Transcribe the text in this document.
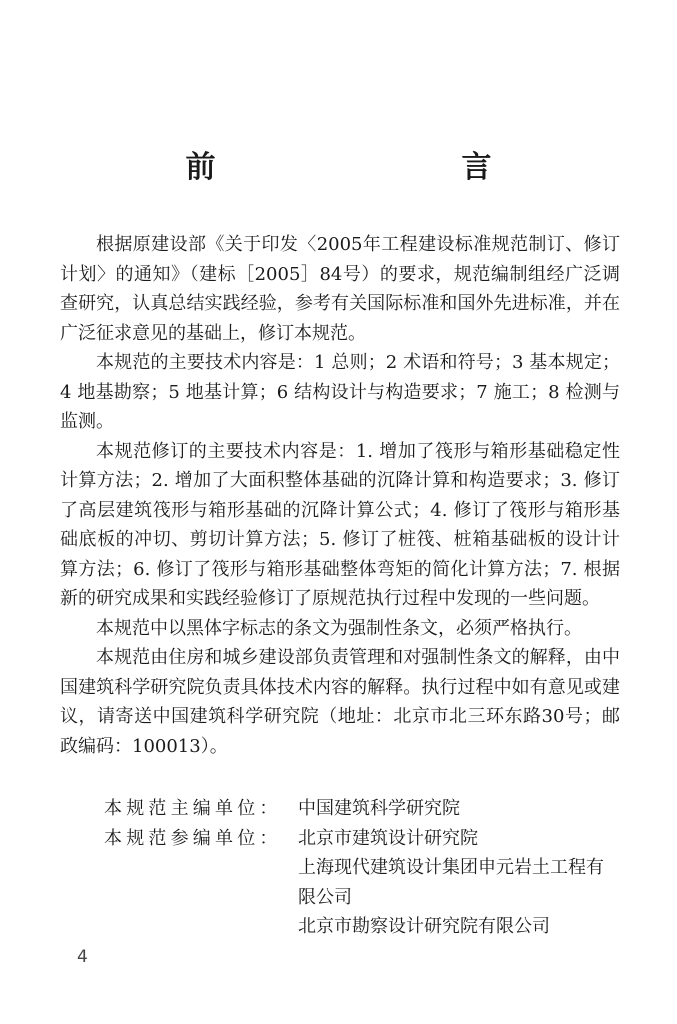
前　　言

根据原建设部《关于印发〈2005年工程建设标准规范制订、修订计划〉的通知》（建标［2005］84号）的要求，规范编制组经广泛调查研究，认真总结实践经验，参考有关国际标准和国外先进标准，并在广泛征求意见的基础上，修订本规范。

本规范的主要技术内容是：1 总则；2 术语和符号；3 基本规定；4 地基勘察；5 地基计算；6 结构设计与构造要求；7 施工；8 检测与监测。

本规范修订的主要技术内容是：1. 增加了筏形与箱形基础稳定性计算方法；2. 增加了大面积整体基础的沉降计算和构造要求；3. 修订了高层建筑筏形与箱形基础的沉降计算公式；4. 修订了筏形与箱形基础底板的冲切、剪切计算方法；5. 修订了桩筏、桩箱基础板的设计计算方法；6. 修订了筏形与箱形基础整体弯矩的简化计算方法；7. 根据新的研究成果和实践经验修订了原规范执行过程中发现的一些问题。

本规范中以黑体字标志的条文为强制性条文，必须严格执行。

本规范由住房和城乡建设部负责管理和对强制性条文的解释，由中国建筑科学研究院负责具体技术内容的解释。执行过程中如有意见或建议，请寄送中国建筑科学研究院（地址：北京市北三环东路30号；邮政编码：100013）。

本规范主编单位： 中国建筑科学研究院
本规范参编单位： 北京市建筑设计研究院
上海现代建筑设计集团申元岩土工程有限公司
北京市勘察设计研究院有限公司
4
